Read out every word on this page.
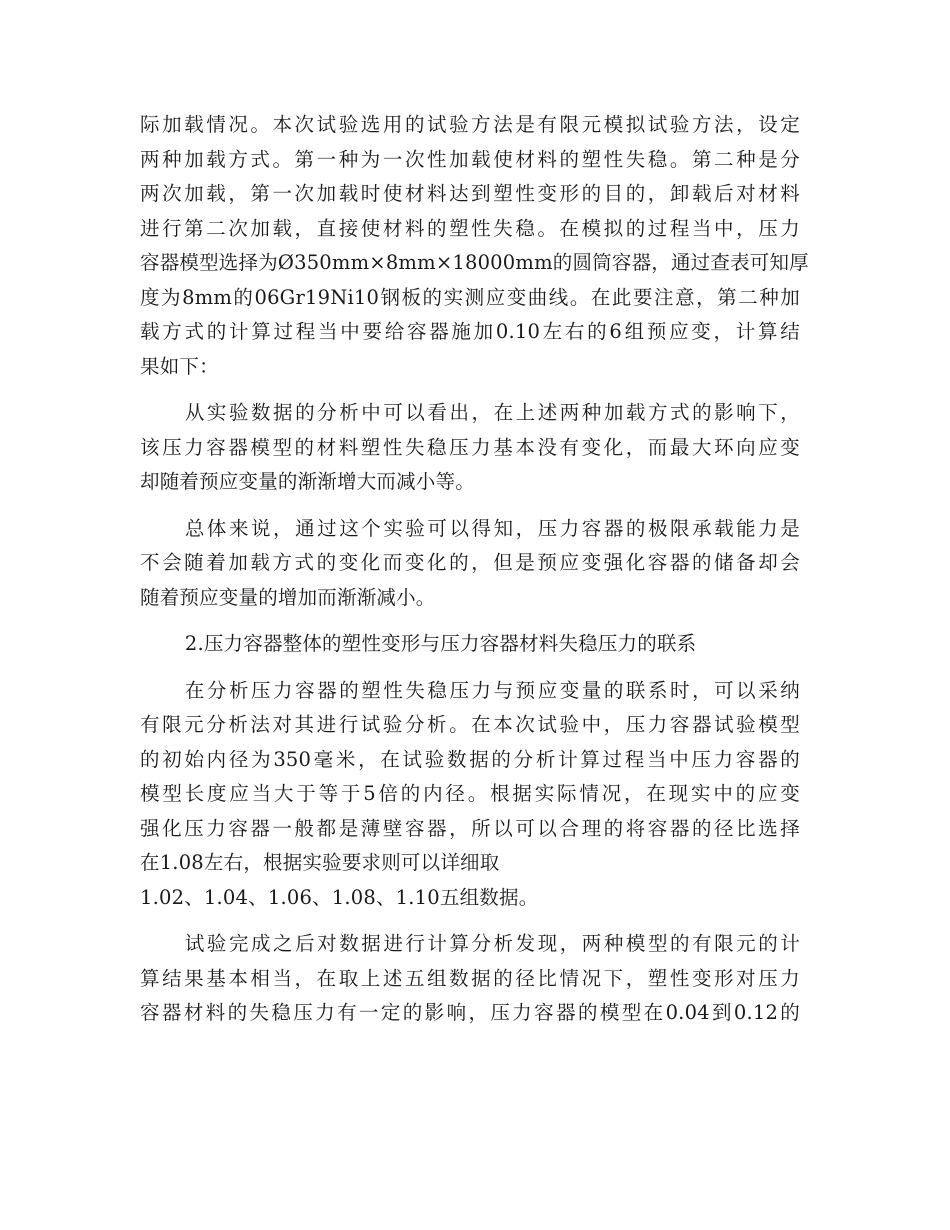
际加载情况。本次试验选用的试验方法是有限元模拟试验方法，设定
两种加载方式。第一种为一次性加载使材料的塑性失稳。第二种是分
两次加载，第一次加载时使材料达到塑性变形的目的，卸载后对材料
进行第二次加载，直接使材料的塑性失稳。在模拟的过程当中，压力
容器模型选择为Ø350mm×8mm×18000mm的圆筒容器，通过查表可知厚
度为8mm的06Gr19Ni10钢板的实测应变曲线。在此要注意，第二种加
载方式的计算过程当中要给容器施加0.10左右的6组预应变，计算结
果如下：
从实验数据的分析中可以看出，在上述两种加载方式的影响下，
该压力容器模型的材料塑性失稳压力基本没有变化，而最大环向应变
却随着预应变量的渐渐增大而减小等。
总体来说，通过这个实验可以得知，压力容器的极限承载能力是
不会随着加载方式的变化而变化的，但是预应变强化容器的储备却会
随着预应变量的增加而渐渐减小。
2.压力容器整体的塑性变形与压力容器材料失稳压力的联系
在分析压力容器的塑性失稳压力与预应变量的联系时，可以采纳
有限元分析法对其进行试验分析。在本次试验中，压力容器试验模型
的初始内径为350毫米，在试验数据的分析计算过程当中压力容器的
模型长度应当大于等于5倍的内径。根据实际情况，在现实中的应变
强化压力容器一般都是薄壁容器，所以可以合理的将容器的径比选择
在1.08左右，根据实验要求则可以详细取
1.02、1.04、1.06、1.08、1.10五组数据。
试验完成之后对数据进行计算分析发现，两种模型的有限元的计
算结果基本相当，在取上述五组数据的径比情况下，塑性变形对压力
容器材料的失稳压力有一定的影响，压力容器的模型在0.04到0.12的
